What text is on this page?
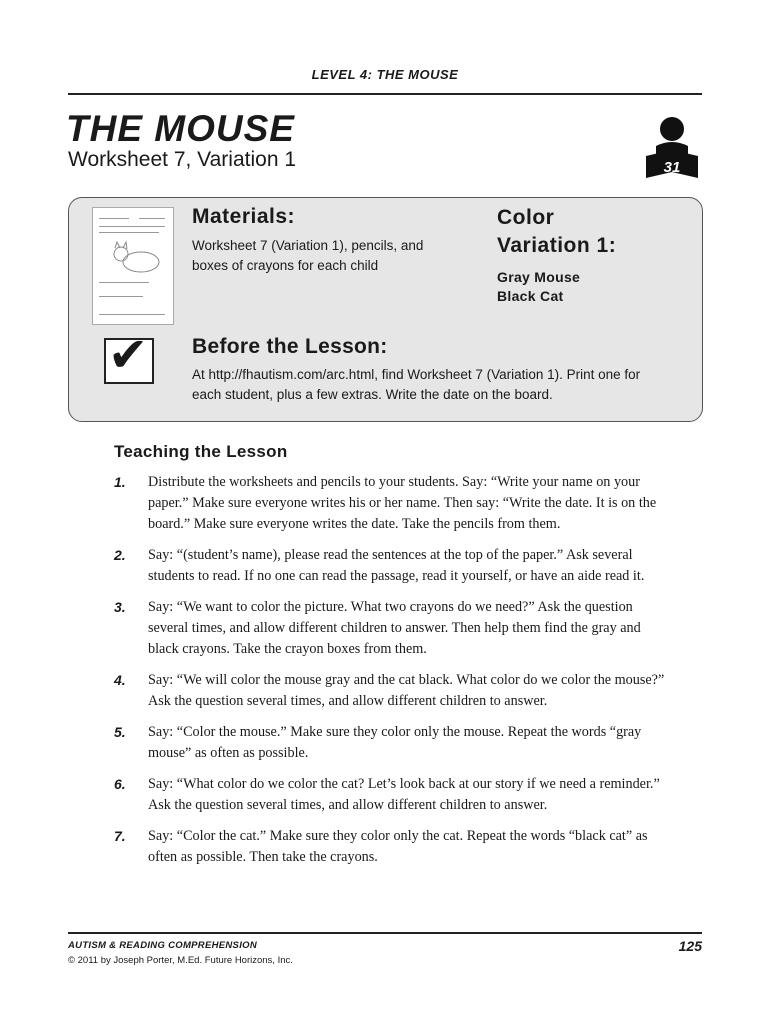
LEVEL 4: THE MOUSE
THE MOUSE
Worksheet 7, Variation 1	31
✔
Materials:
Worksheet 7 (Variation 1), pencils, and boxes of crayons for each child
Color
Variation 1:
Gray Mouse
Black Cat
Before the Lesson:
At http://fhautism.com/arc.html, find Worksheet 7 (Variation 1). Print one for each student, plus a few extras. Write the date on the board.
Teaching the Lesson
1. Distribute the worksheets and pencils to your students. Say: “Write your name on your paper.” Make sure everyone writes his or her name. Then say: “Write the date. It is on the board.” Make sure everyone writes the date. Take the pencils from them.
2. Say: “(student’s name), please read the sentences at the top of the paper.” Ask several students to read. If no one can read the passage, read it yourself, or have an aide read it.
3. Say: “We want to color the picture. What two crayons do we need?” Ask the question several times, and allow different children to answer. Then help them find the gray and black crayons. Take the crayon boxes from them.
4. Say: “We will color the mouse gray and the cat black. What color do we color the mouse?” Ask the question several times, and allow different children to answer.
5. Say: “Color the mouse.” Make sure they color only the mouse. Repeat the words “gray mouse” as often as possible.
6. Say: “What color do we color the cat? Let’s look back at our story if we need a reminder.” Ask the question several times, and allow different children to answer.
7. Say: “Color the cat.” Make sure they color only the cat. Repeat the words “black cat” as often as possible. Then take the crayons.
AUTISM & READING COMPREHENSION
© 2011 by Joseph Porter, M.Ed. Future Horizons, Inc.
125
